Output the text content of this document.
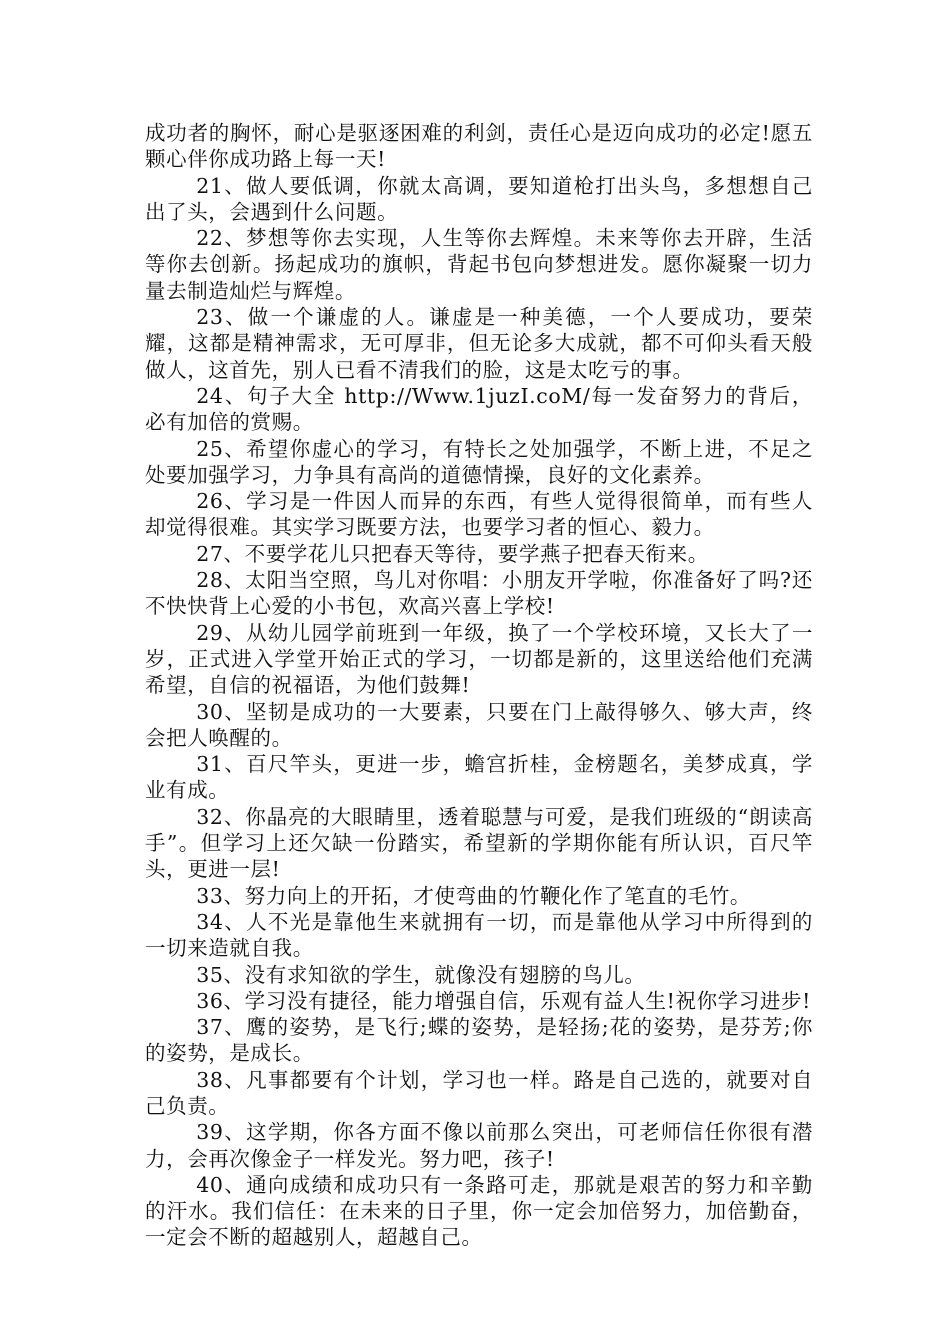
成功者的胸怀，耐心是驱逐困难的利剑，责任心是迈向成功的必定!愿五颗心伴你成功路上每一天!

21、做人要低调，你就太高调，要知道枪打出头鸟，多想想自己出了头，会遇到什么问题。

22、梦想等你去实现，人生等你去辉煌。未来等你去开辟，生活等你去创新。扬起成功的旗帜，背起书包向梦想进发。愿你凝聚一切力量去制造灿烂与辉煌。

23、做一个谦虚的人。谦虚是一种美德，一个人要成功，要荣耀，这都是精神需求，无可厚非，但无论多大成就，都不可仰头看天般做人，这首先，别人已看不清我们的脸，这是太吃亏的事。

24、句子大全 http://Www.1juzI.coM/每一发奋努力的背后，必有加倍的赏赐。

25、希望你虚心的学习，有特长之处加强学，不断上进，不足之处要加强学习，力争具有高尚的道德情操，良好的文化素养。

26、学习是一件因人而异的东西，有些人觉得很简单，而有些人却觉得很难。其实学习既要方法，也要学习者的恒心、毅力。

27、不要学花儿只把春天等待，要学燕子把春天衔来。

28、太阳当空照，鸟儿对你唱：小朋友开学啦，你准备好了吗?还不快快背上心爱的小书包，欢高兴喜上学校!

29、从幼儿园学前班到一年级，换了一个学校环境，又长大了一岁，正式进入学堂开始正式的学习，一切都是新的，这里送给他们充满希望，自信的祝福语，为他们鼓舞!

30、坚韧是成功的一大要素，只要在门上敲得够久、够大声，终会把人唤醒的。

31、百尺竿头，更进一步，蟾宫折桂，金榜题名，美梦成真，学业有成。

32、你晶亮的大眼睛里，透着聪慧与可爱，是我们班级的“朗读高手”。但学习上还欠缺一份踏实，希望新的学期你能有所认识，百尺竿头，更进一层!

33、努力向上的开拓，才使弯曲的竹鞭化作了笔直的毛竹。

34、人不光是靠他生来就拥有一切，而是靠他从学习中所得到的一切来造就自我。

35、没有求知欲的学生，就像没有翅膀的鸟儿。

36、学习没有捷径，能力增强自信，乐观有益人生!祝你学习进步!

37、鹰的姿势，是飞行;蝶的姿势，是轻扬;花的姿势，是芬芳;你的姿势，是成长。

38、凡事都要有个计划，学习也一样。路是自己选的，就要对自己负责。

39、这学期，你各方面不像以前那么突出，可老师信任你很有潜力，会再次像金子一样发光。努力吧，孩子!

40、通向成绩和成功只有一条路可走，那就是艰苦的努力和辛勤的汗水。我们信任：在未来的日子里，你一定会加倍努力，加倍勤奋，一定会不断的超越别人，超越自己。
